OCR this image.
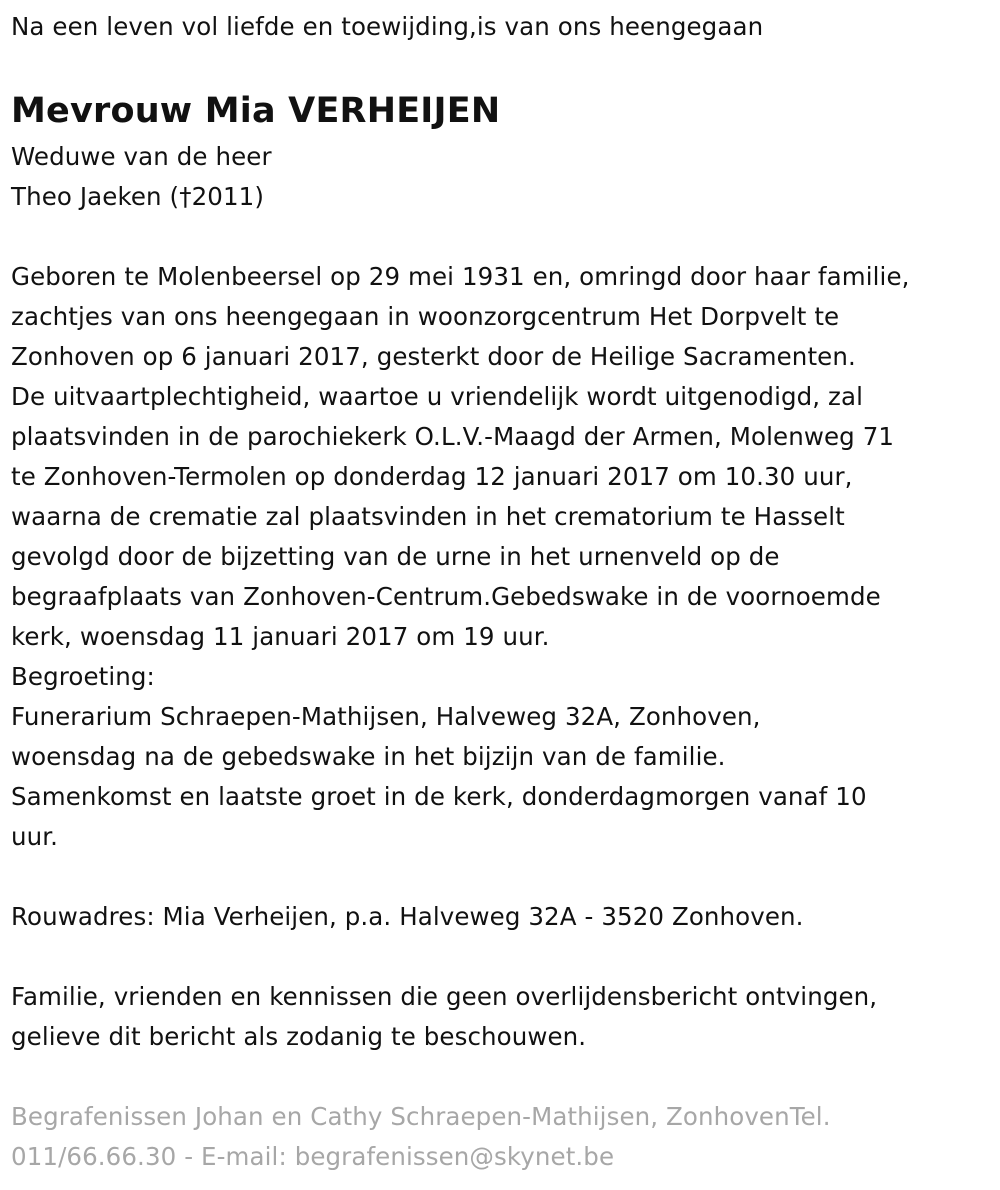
Na een leven vol liefde en toewijding,is van ons heengegaan
Mevrouw Mia VERHEIJEN
Weduwe van de heer
Theo Jaeken (†2011)
Geboren te Molenbeersel op 29 mei 1931 en, omringd door haar familie,
zachtjes van ons heengegaan in woonzorgcentrum Het Dorpvelt te
Zonhoven op 6 januari 2017, gesterkt door de Heilige Sacramenten.
De uitvaartplechtigheid, waartoe u vriendelijk wordt uitgenodigd, zal
plaatsvinden in de parochiekerk O.L.V.-Maagd der Armen, Molenweg 71
te Zonhoven-Termolen op donderdag 12 januari 2017 om 10.30 uur,
waarna de crematie zal plaatsvinden in het crematorium te Hasselt
gevolgd door de bijzetting van de urne in het urnenveld op de
begraafplaats van Zonhoven-Centrum.Gebedswake in de voornoemde
kerk, woensdag 11 januari 2017 om 19 uur.
Begroeting:
Funerarium Schraepen-Mathijsen, Halveweg 32A, Zonhoven,
woensdag na de gebedswake in het bijzijn van de familie.
Samenkomst en laatste groet in de kerk, donderdagmorgen vanaf 10
uur.
Rouwadres: Mia Verheijen, p.a. Halveweg 32A - 3520 Zonhoven.
Familie, vrienden en kennissen die geen overlijdensbericht ontvingen,
gelieve dit bericht als zodanig te beschouwen.
Begrafenissen Johan en Cathy Schraepen-Mathijsen, ZonhovenTel.
011/66.66.30 - E-mail: begrafenissen@skynet.be
